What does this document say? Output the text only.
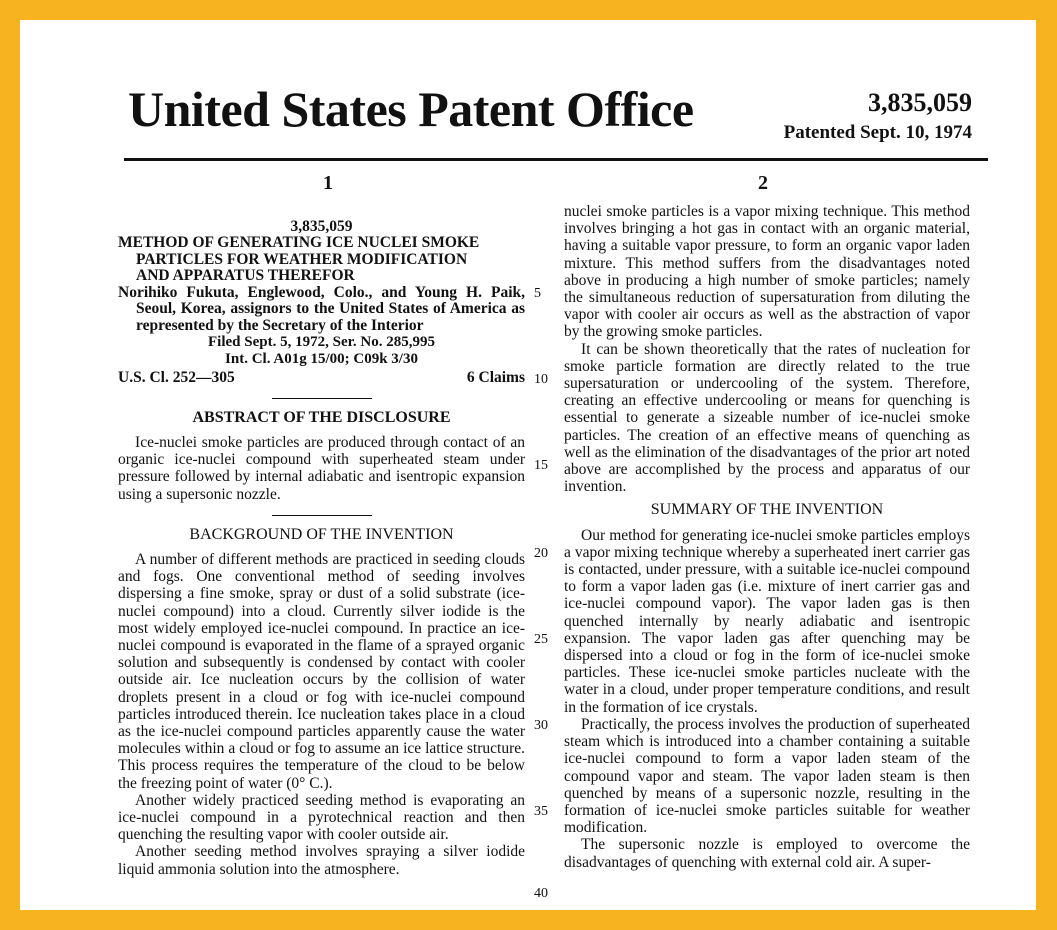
United States Patent Office	3,835,059
Patented Sept. 10, 1974
1	2
3,835,059
METHOD OF GENERATING ICE NUCLEI SMOKE
PARTICLES FOR WEATHER MODIFICATION
AND APPARATUS THEREFOR
Norihiko Fukuta, Englewood, Colo., and Young H. Paik, Seoul, Korea, assignors to the United States of America as represented by the Secretary of the Interior
Filed Sept. 5, 1972, Ser. No. 285,995
Int. Cl. A01g 15/00; C09k 3/30
U.S. Cl. 252—305	6 Claims
ABSTRACT OF THE DISCLOSURE

Ice-nuclei smoke particles are produced through contact of an organic ice-nuclei compound with superheated steam under pressure followed by internal adiabatic and isentropic expansion using a supersonic nozzle.

BACKGROUND OF THE INVENTION

A number of different methods are practiced in seeding clouds and fogs. One conventional method of seeding involves dispersing a fine smoke, spray or dust of a solid substrate (ice-nuclei compound) into a cloud. Currently silver iodide is the most widely employed ice-nuclei compound. In practice an ice-nuclei compound is evaporated in the flame of a sprayed organic solution and subsequently is condensed by contact with cooler outside air. Ice nucleation occurs by the collision of water droplets present in a cloud or fog with ice-nuclei compound particles introduced therein. Ice nucleation takes place in a cloud as the ice-nuclei compound particles apparently cause the water molecules within a cloud or fog to assume an ice lattice structure. This process requires the temperature of the cloud to be below the freezing point of water (0° C.).

Another widely practiced seeding method is evaporating an ice-nuclei compound in a pyrotechnical reaction and then quenching the resulting vapor with cooler outside air.

Another seeding method involves spraying a silver iodide liquid ammonia solution into the atmosphere.

5
10
15
20
25
30
35
40

nuclei smoke particles is a vapor mixing technique. This method involves bringing a hot gas in contact with an organic material, having a suitable vapor pressure, to form an organic vapor laden mixture. This method suffers from the disadvantages noted above in producing a high number of smoke particles; namely the simultaneous reduction of supersaturation from diluting the vapor with cooler air occurs as well as the abstraction of vapor by the growing smoke particles.

It can be shown theoretically that the rates of nucleation for smoke particle formation are directly related to the true supersaturation or undercooling of the system. Therefore, creating an effective undercooling or means for quenching is essential to generate a sizeable number of ice-nuclei smoke particles. The creation of an effective means of quenching as well as the elimination of the disadvantages of the prior art noted above are accomplished by the process and apparatus of our invention.

SUMMARY OF THE INVENTION

Our method for generating ice-nuclei smoke particles employs a vapor mixing technique whereby a superheated inert carrier gas is contacted, under pressure, with a suitable ice-nuclei compound to form a vapor laden gas (i.e. mixture of inert carrier gas and ice-nuclei compound vapor). The vapor laden gas is then quenched internally by nearly adiabatic and isentropic expansion. The vapor laden gas after quenching may be dispersed into a cloud or fog in the form of ice-nuclei smoke particles. These ice-nuclei smoke particles nucleate with the water in a cloud, under proper temperature conditions, and result in the formation of ice crystals.

Practically, the process involves the production of superheated steam which is introduced into a chamber containing a suitable ice-nuclei compound to form a vapor laden steam of the compound vapor and steam. The vapor laden steam is then quenched by means of a supersonic nozzle, resulting in the formation of ice-nuclei smoke particles suitable for weather modification.

The supersonic nozzle is employed to overcome the disadvantages of quenching with external cold air. A super-
